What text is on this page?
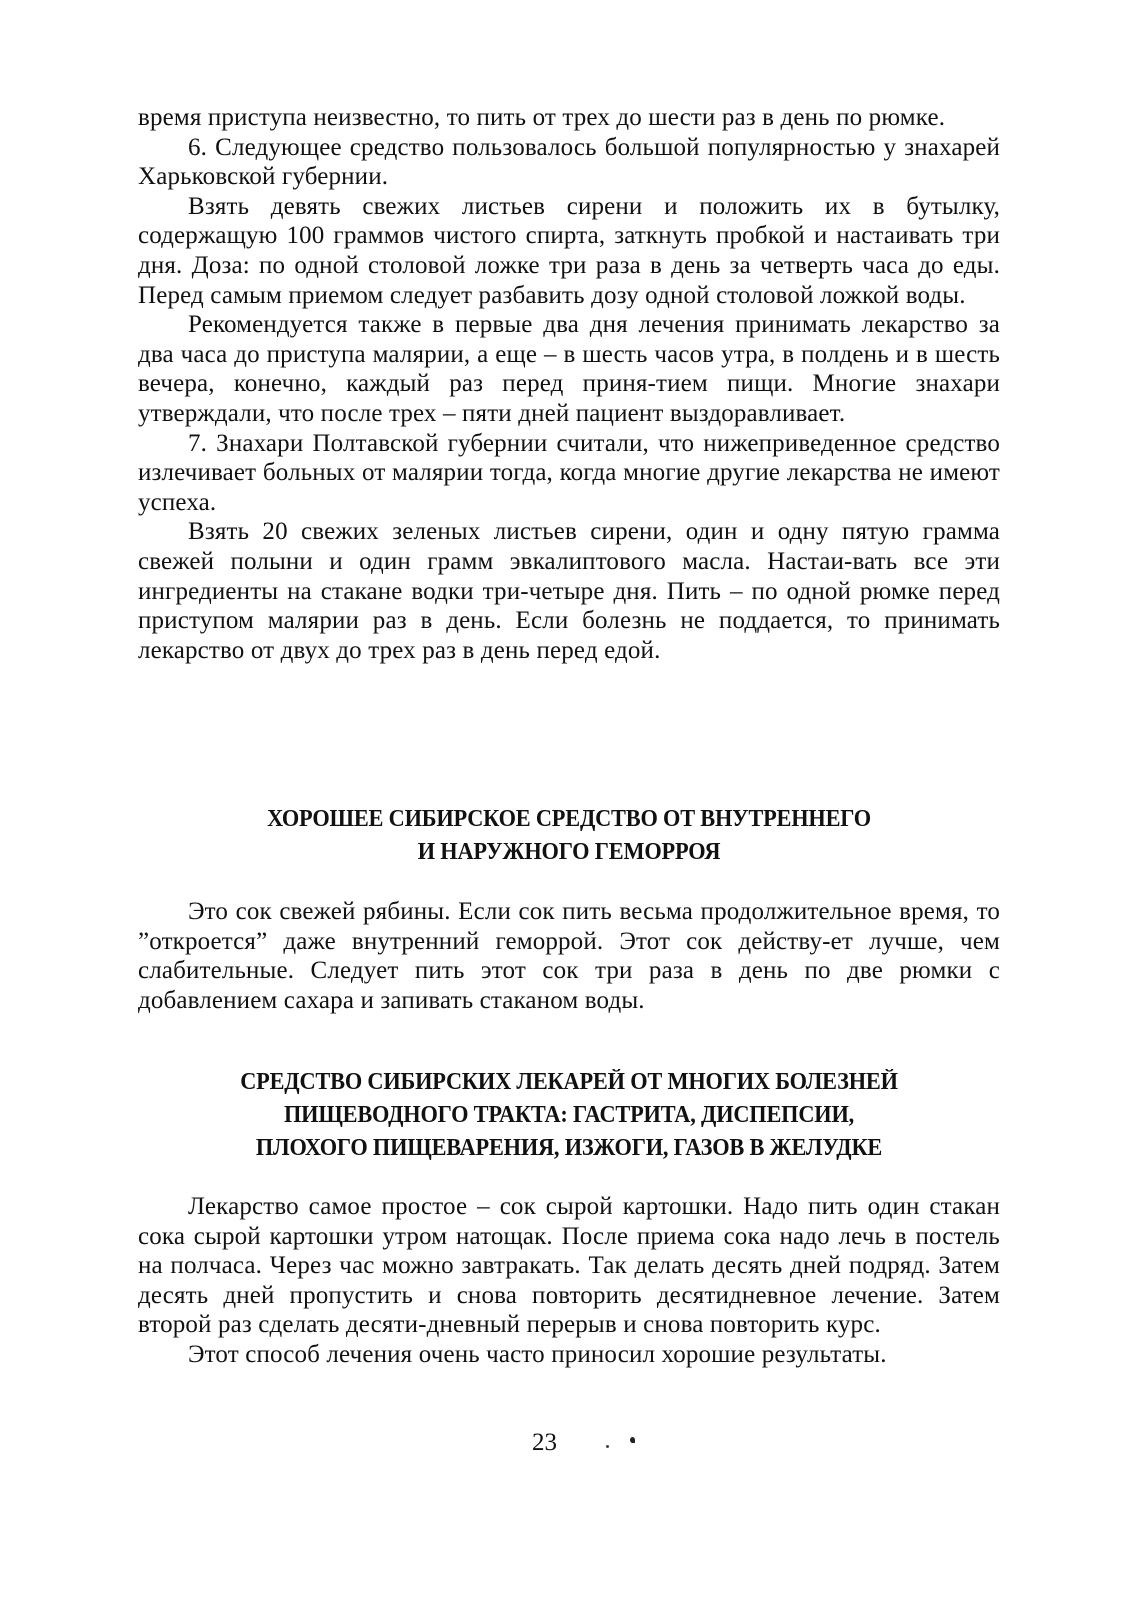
время приступа неизвестно, то пить от трех до шести раз в день по рюмке.

6. Следующее средство пользовалось большой популярностью у знахарей Харьковской губернии.

Взять девять свежих листьев сирени и положить их в бутылку, содержащую 100 граммов чистого спирта, заткнуть пробкой и настаивать три дня. Доза: по одной столовой ложке три раза в день за четверть часа до еды. Перед самым приемом следует разбавить дозу одной столовой ложкой воды.

Рекомендуется также в первые два дня лечения принимать лекарство за два часа до приступа малярии, а еще – в шесть часов утра, в полдень и в шесть вечера, конечно, каждый раз перед приня-тием пищи. Многие знахари утверждали, что после трех – пяти дней пациент выздоравливает.

7. Знахари Полтавской губернии считали, что нижеприведенное средство излечивает больных от малярии тогда, когда многие другие лекарства не имеют успеха.

Взять 20 свежих зеленых листьев сирени, один и одну пятую грамма свежей полыни и один грамм эвкалиптового масла. Настаи-вать все эти ингредиенты на стакане водки три-четыре дня. Пить – по одной рюмке перед приступом малярии раз в день. Если болезнь не поддается, то принимать лекарство от двух до трех раз в день перед едой.

ХОРОШЕЕ СИБИРСКОЕ СРЕДСТВО ОТ ВНУТРЕННЕГО
И НАРУЖНОГО ГЕМОРРОЯ

Это сок свежей рябины. Если сок пить весьма продолжительное время, то ”откроется” даже внутренний геморрой. Этот сок действу-ет лучше, чем слабительные. Следует пить этот сок три раза в день по две рюмки с добавлением сахара и запивать стаканом воды.

СРЕДСТВО СИБИРСКИХ ЛЕКАРЕЙ ОТ МНОГИХ БОЛЕЗНЕЙ
ПИЩЕВОДНОГО ТРАКТА: ГАСТРИТА, ДИСПЕПСИИ,
ПЛОХОГО ПИЩЕВАРЕНИЯ, ИЗЖОГИ, ГАЗОВ В ЖЕЛУДКЕ

Лекарство самое простое – сок сырой картошки. Надо пить один стакан сока сырой картошки утром натощак. После приема сока надо лечь в постель на полчаса. Через час можно завтракать. Так делать десять дней подряд. Затем десять дней пропустить и снова повторить десятидневное лечение. Затем второй раз сделать десяти-дневный перерыв и снова повторить курс.

Этот способ лечения очень часто приносил хорошие результаты.

23
